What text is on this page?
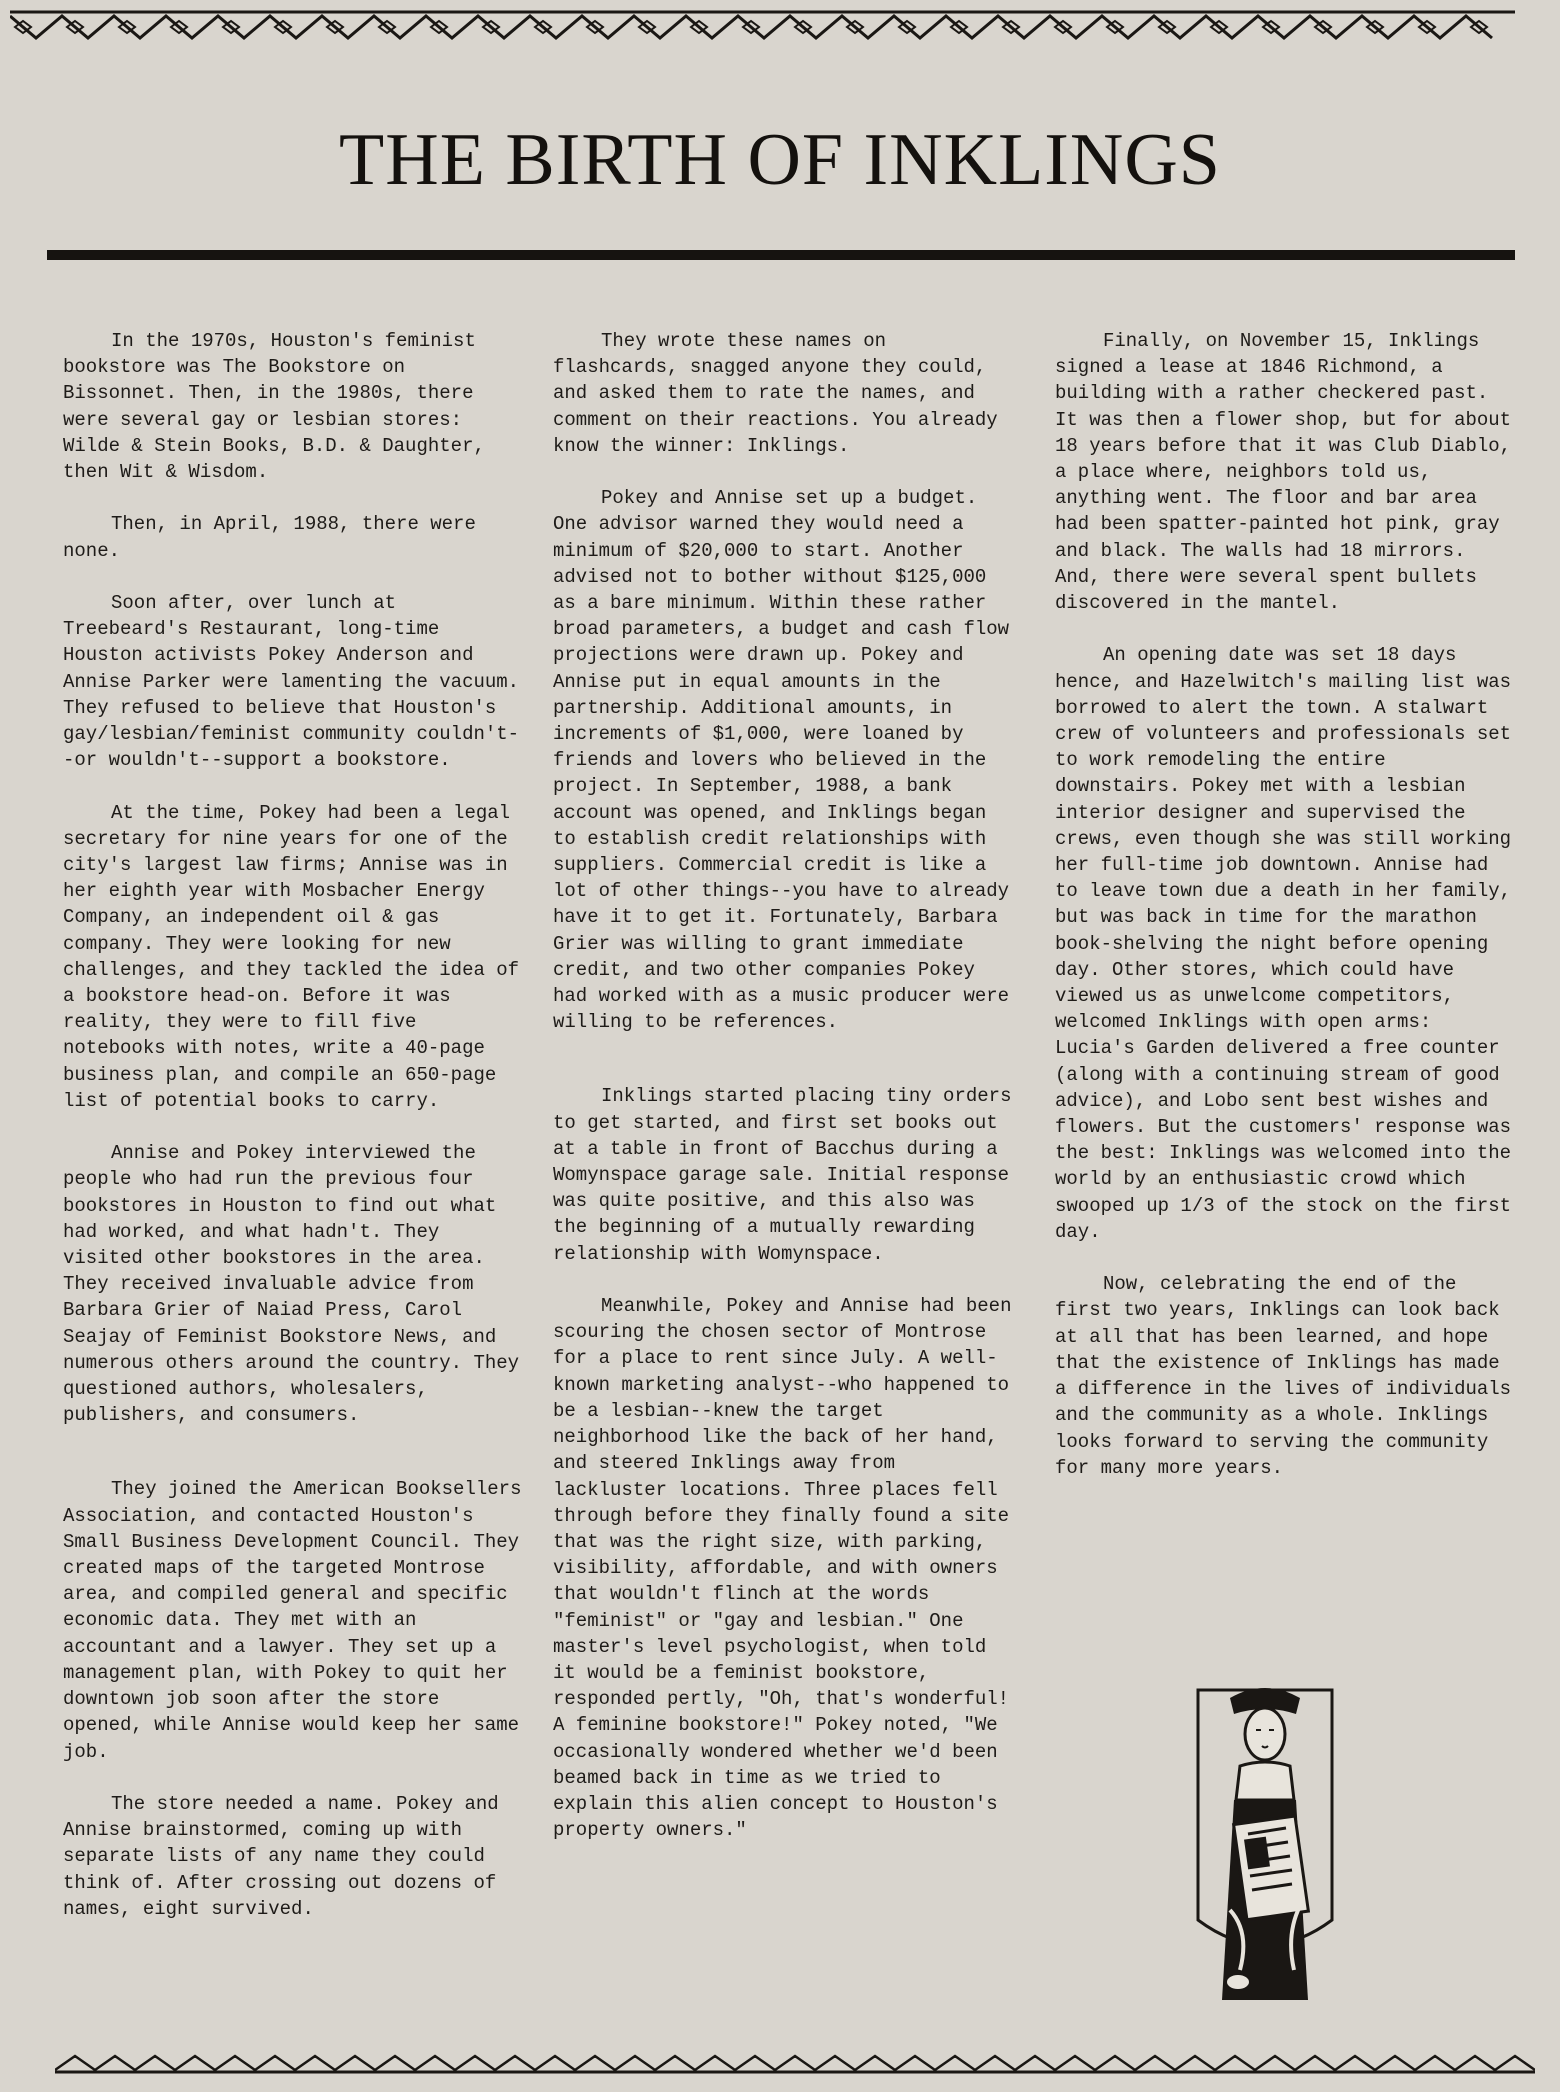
THE BIRTH OF INKLINGS

In the 1970s, Houston's feminist bookstore was The Bookstore on Bissonnet. Then, in the 1980s, there were several gay or lesbian stores: Wilde & Stein Books, B.D. & Daughter, then Wit & Wisdom.

Then, in April, 1988, there were none.

Soon after, over lunch at Treebeard's Restaurant, long-time Houston activists Pokey Anderson and Annise Parker were lamenting the vacuum. They refused to believe that Houston's gay/lesbian/feminist community couldn't--or wouldn't--support a bookstore.

At the time, Pokey had been a legal secretary for nine years for one of the city's largest law firms; Annise was in her eighth year with Mosbacher Energy Company, an independent oil & gas company. They were looking for new challenges, and they tackled the idea of a bookstore head-on. Before it was reality, they were to fill five notebooks with notes, write a 40-page business plan, and compile an 650-page list of potential books to carry.

Annise and Pokey interviewed the people who had run the previous four bookstores in Houston to find out what had worked, and what hadn't. They visited other bookstores in the area. They received invaluable advice from Barbara Grier of Naiad Press, Carol Seajay of Feminist Bookstore News, and numerous others around the country. They questioned authors, wholesalers, publishers, and consumers.

They joined the American Booksellers Association, and contacted Houston's Small Business Development Council. They created maps of the targeted Montrose area, and compiled general and specific economic data. They met with an accountant and a lawyer. They set up a management plan, with Pokey to quit her downtown job soon after the store opened, while Annise would keep her same job.

The store needed a name. Pokey and Annise brainstormed, coming up with separate lists of any name they could think of. After crossing out dozens of names, eight survived.

They wrote these names on flashcards, snagged anyone they could, and asked them to rate the names, and comment on their reactions. You already know the winner: Inklings.

Pokey and Annise set up a budget. One advisor warned they would need a minimum of $20,000 to start. Another advised not to bother without $125,000 as a bare minimum. Within these rather broad parameters, a budget and cash flow projections were drawn up. Pokey and Annise put in equal amounts in the partnership. Additional amounts, in increments of $1,000, were loaned by friends and lovers who believed in the project. In September, 1988, a bank account was opened, and Inklings began to establish credit relationships with suppliers. Commercial credit is like a lot of other things--you have to already have it to get it. Fortunately, Barbara Grier was willing to grant immediate credit, and two other companies Pokey had worked with as a music producer were willing to be references.

Inklings started placing tiny orders to get started, and first set books out at a table in front of Bacchus during a Womynspace garage sale. Initial response was quite positive, and this also was the beginning of a mutually rewarding relationship with Womynspace.

Meanwhile, Pokey and Annise had been scouring the chosen sector of Montrose for a place to rent since July. A well-known marketing analyst--who happened to be a lesbian--knew the target neighborhood like the back of her hand, and steered Inklings away from lackluster locations. Three places fell through before they finally found a site that was the right size, with parking, visibility, affordable, and with owners that wouldn't flinch at the words "feminist" or "gay and lesbian." One master's level psychologist, when told it would be a feminist bookstore, responded pertly, "Oh, that's wonderful! A feminine bookstore!" Pokey noted, "We occasionally wondered whether we'd been beamed back in time as we tried to explain this alien concept to Houston's property owners."

Finally, on November 15, Inklings signed a lease at 1846 Richmond, a building with a rather checkered past. It was then a flower shop, but for about 18 years before that it was Club Diablo, a place where, neighbors told us, anything went. The floor and bar area had been spatter-painted hot pink, gray and black. The walls had 18 mirrors. And, there were several spent bullets discovered in the mantel.

An opening date was set 18 days hence, and Hazelwitch's mailing list was borrowed to alert the town. A stalwart crew of volunteers and professionals set to work remodeling the entire downstairs. Pokey met with a lesbian interior designer and supervised the crews, even though she was still working her full-time job downtown. Annise had to leave town due a death in her family, but was back in time for the marathon book-shelving the night before opening day. Other stores, which could have viewed us as unwelcome competitors, welcomed Inklings with open arms: Lucia's Garden delivered a free counter (along with a continuing stream of good advice), and Lobo sent best wishes and flowers. But the customers' response was the best: Inklings was welcomed into the world by an enthusiastic crowd which swooped up 1/3 of the stock on the first day.

Now, celebrating the end of the first two years, Inklings can look back at all that has been learned, and hope that the existence of Inklings has made a difference in the lives of individuals and the community as a whole. Inklings looks forward to serving the community for many more years.
